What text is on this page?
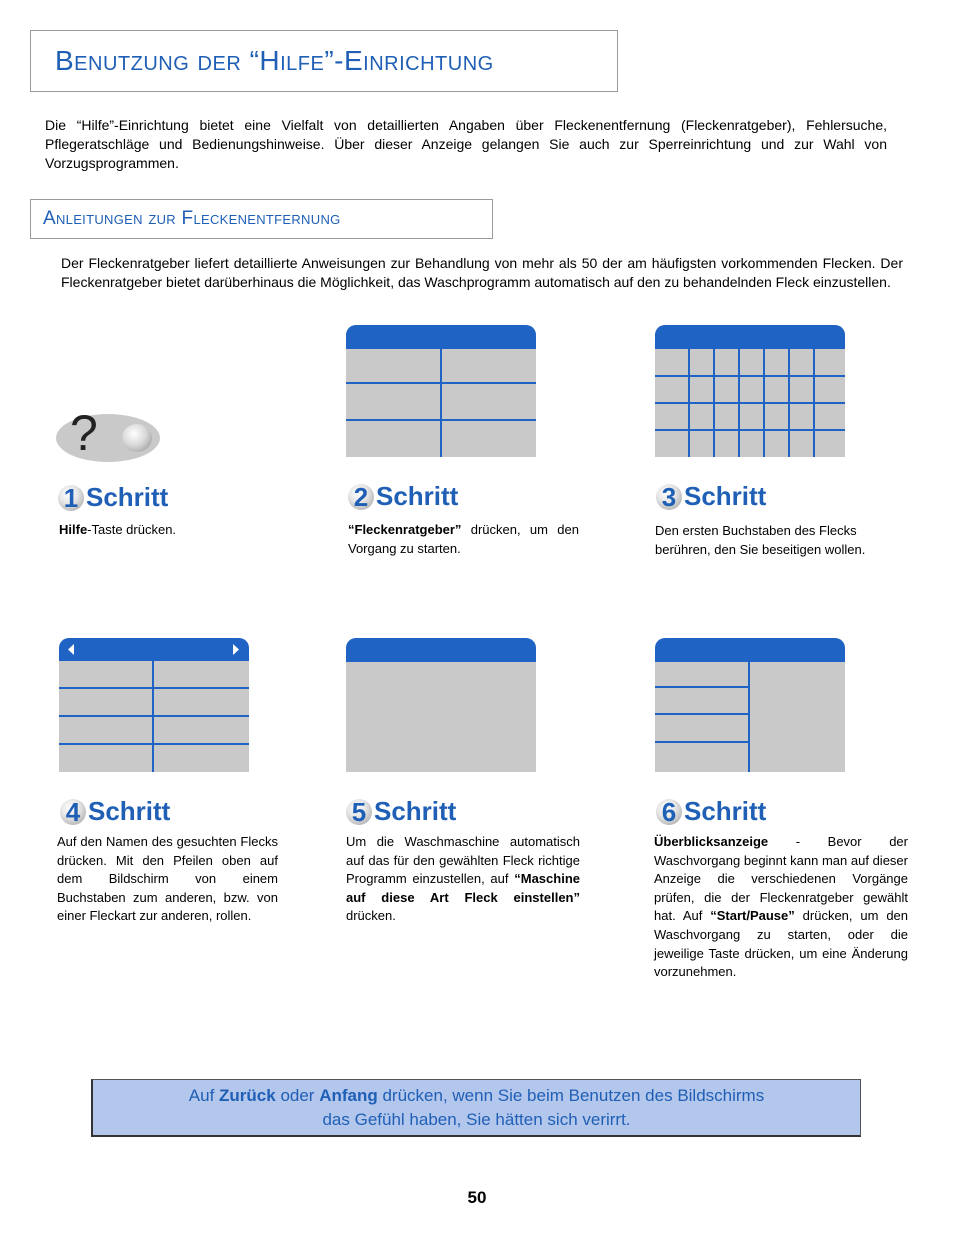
Benutzung der “Hilfe”-Einrichtung
Die “Hilfe”-Einrichtung bietet eine Vielfalt von detaillierten Angaben über Fleckenentfernung (Fleckenratgeber), Fehlersuche, Pflegeratschläge und Bedienungshinweise. Über dieser Anzeige gelangen Sie auch zur Sperreinrichtung und zur Wahl von Vorzugsprogrammen.
Anleitungen zur Fleckenentfernung
Der Fleckenratgeber liefert detaillierte Anweisungen zur Behandlung von mehr als 50 der am häufigsten vorkommenden Flecken. Der Fleckenratgeber bietet darüberhinaus die Möglichkeit, das Waschprogramm automatisch auf den zu behandelnden Fleck einzustellen.
?
1 Schritt	2 Schritt	3 Schritt
Hilfe-Taste drücken.	“Fleckenratgeber” drücken, um den Vorgang zu starten.
Den ersten Buchstaben des Flecks berühren, den Sie beseitigen wollen.
4 Schritt	5 Schritt	6 Schritt
Auf den Namen des gesuchten Flecks drücken. Mit den Pfeilen oben auf dem Bildschirm von einem Buchstaben zum anderen, bzw. von einer Fleckart zur anderen, rollen.
Um die Waschmaschine automatisch auf das für den gewählten Fleck richtige Programm einzustellen, auf “Maschine auf diese Art Fleck einstellen” drücken.
Überblicksanzeige - Bevor der Waschvorgang beginnt kann man auf dieser Anzeige die verschiedenen Vorgänge prüfen, die der Fleckenratgeber gewählt hat. Auf “Start/Pause” drücken, um den Waschvorgang zu starten, oder die jeweilige Taste drücken, um eine Änderung vorzunehmen.
Auf Zurück oder Anfang drücken, wenn Sie beim Benutzen des Bildschirms
das Gefühl haben, Sie hätten sich verirrt.
50
